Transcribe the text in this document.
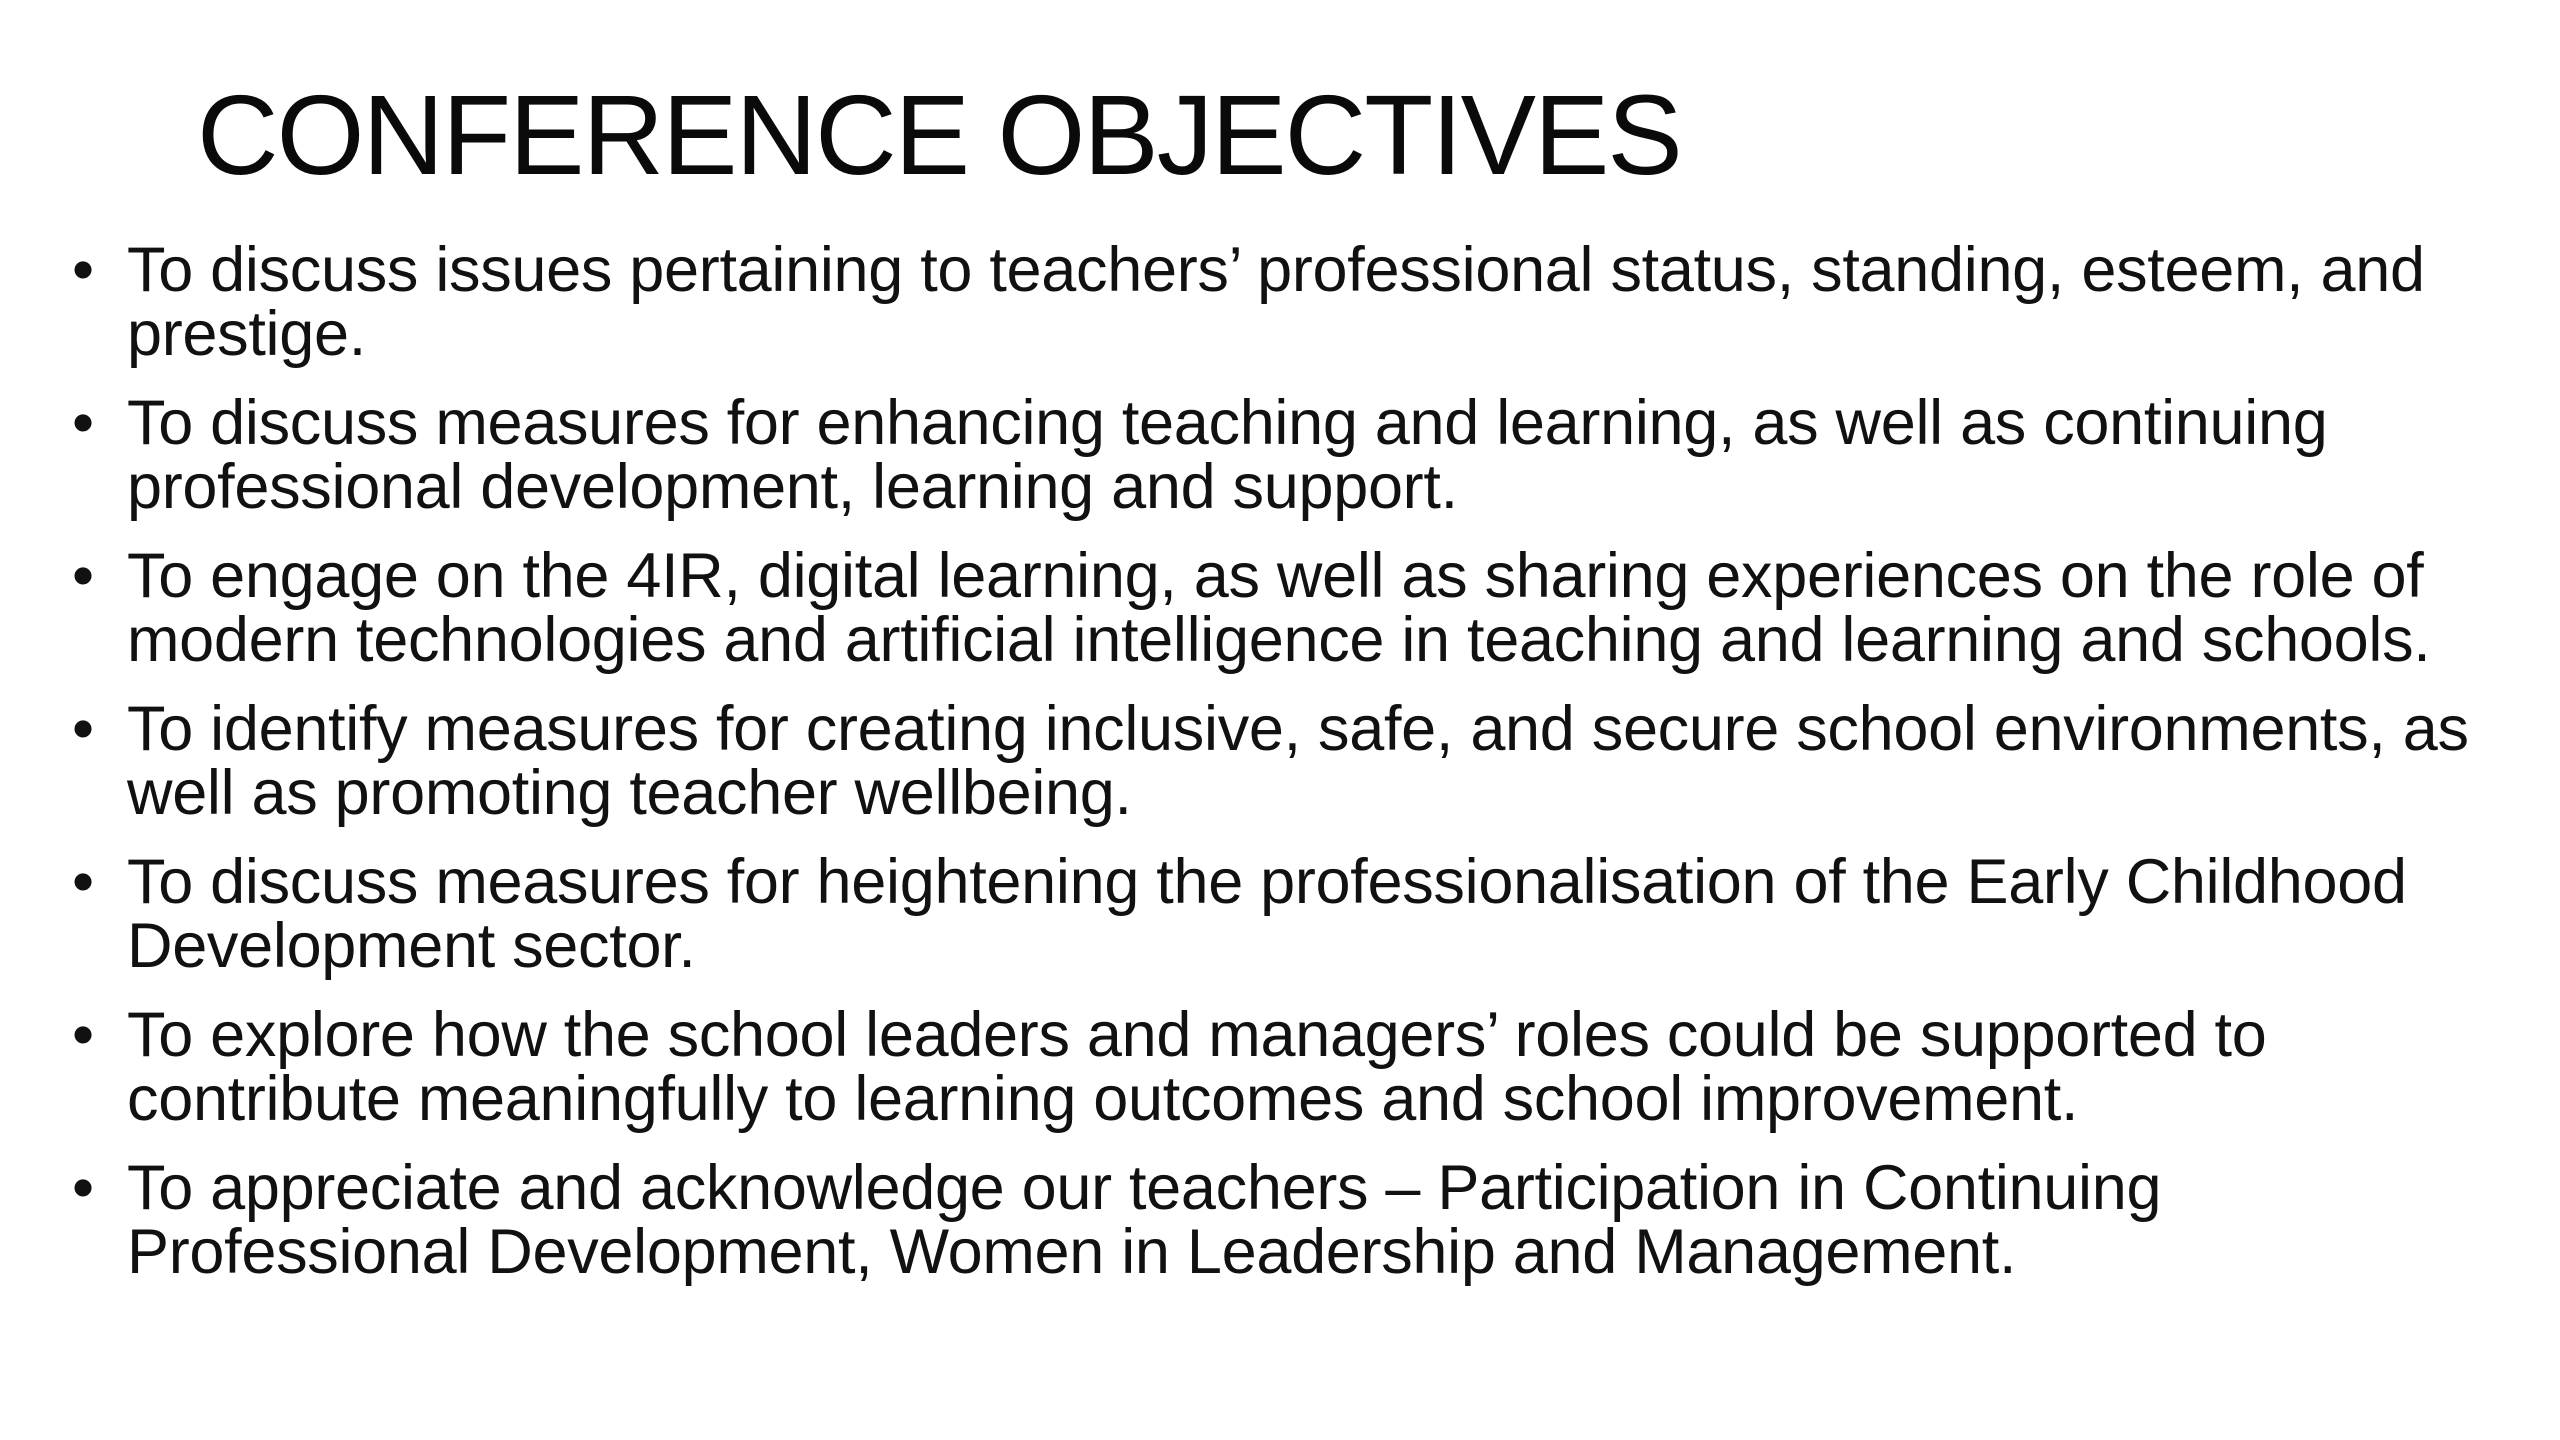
CONFERENCE OBJECTIVES
• To discuss issues pertaining to teachers’ professional status, standing, esteem, and prestige.
• To discuss measures for enhancing teaching and learning, as well as continuing professional development, learning and support.
• To engage on the 4IR, digital learning, as well as sharing experiences on the role of modern technologies and artificial intelligence in teaching and learning and schools.
• To identify measures for creating inclusive, safe, and secure school environments, as well as promoting teacher wellbeing.
• To discuss measures for heightening the professionalisation of the Early Childhood Development sector.
• To explore how the school leaders and managers’ roles could be supported to contribute meaningfully to learning outcomes and school improvement.
• To appreciate and acknowledge our teachers – Participation in Continuing Professional Development, Women in Leadership and Management.
